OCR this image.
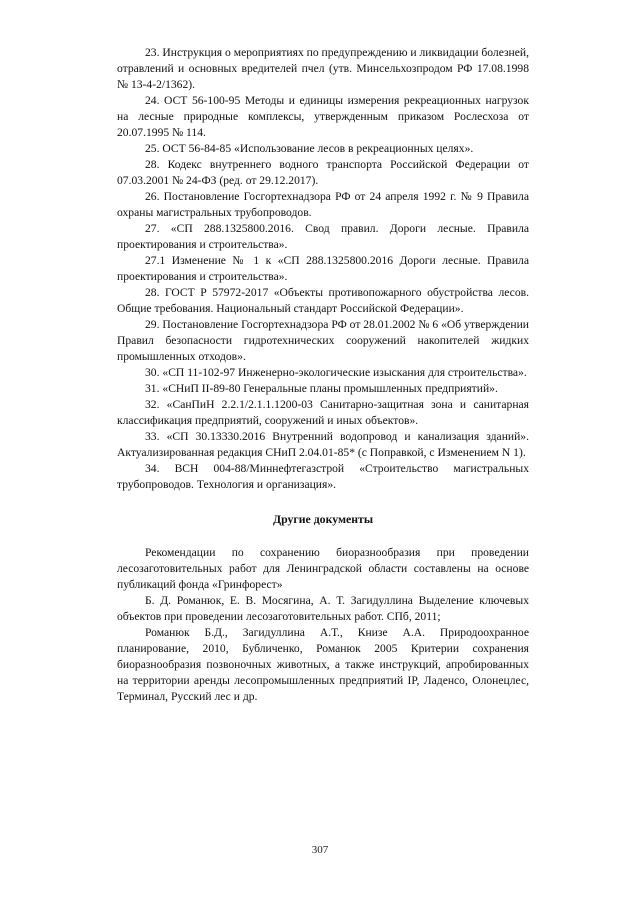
23. Инструкция о мероприятиях по предупреждению и ликвидации болезней, отравлений и основных вредителей пчел (утв. Минсельхозпродом РФ 17.08.1998 № 13-4-2/1362).

24. ОСТ 56-100-95 Методы и единицы измерения рекреационных нагрузок на лесные природные комплексы, утвержденным приказом Рослесхоза от 20.07.1995 № 114.

25. ОСТ 56-84-85 «Использование лесов в рекреационных целях».

28. Кодекс внутреннего водного транспорта Российской Федерации от 07.03.2001 № 24-ФЗ (ред. от 29.12.2017).

26. Постановление Госгортехнадзора РФ от 24 апреля 1992 г. № 9 Правила охраны магистральных трубопроводов.

27. «СП 288.1325800.2016. Свод правил. Дороги лесные. Правила проектирования и строительства».

27.1 Изменение № 1 к «СП 288.1325800.2016 Дороги лесные. Правила проектирования и строительства».

28. ГОСТ Р 57972-2017 «Объекты противопожарного обустройства лесов. Общие требования. Национальный стандарт Российской Федерации».

29. Постановление Госгортехнадзора РФ от 28.01.2002 № 6 «Об утверждении Правил безопасности гидротехнических сооружений накопителей жидких промышленных отходов».

30. «СП 11-102-97 Инженерно-экологические изыскания для строительства».

31. «СНиП II-89-80 Генеральные планы промышленных предприятий».

32. «СанПиН 2.2.1/2.1.1.1200-03 Санитарно-защитная зона и санитарная классификация предприятий, сооружений и иных объектов».

33. «СП 30.13330.2016 Внутренний водопровод и канализация зданий». Актуализированная редакция СНиП 2.04.01-85* (с Поправкой, с Изменением N 1).

34. ВСН 004-88/Миннефтегазстрой «Строительство магистральных трубопроводов. Технология и организация».

Другие документы

Рекомендации по сохранению биоразнообразия при проведении лесозаготовительных работ для Ленинградской области составлены на основе публикаций фонда «Гринфорест»

Б. Д. Романюк, Е. В. Мосягина, А. Т. Загидуллина Выделение ключевых объектов при проведении лесозаготовительных работ. СПб, 2011;

Романюк Б.Д., Загидуллина А.Т., Книзе А.А. Природоохранное планирование, 2010, Бубличенко, Романюк 2005 Критерии сохранения биоразнообразия позвоночных животных, а также инструкций, апробированных на территории аренды лесопромышленных предприятий IP, Ладенсо, Олонецлес, Терминал, Русский лес и др.

307
